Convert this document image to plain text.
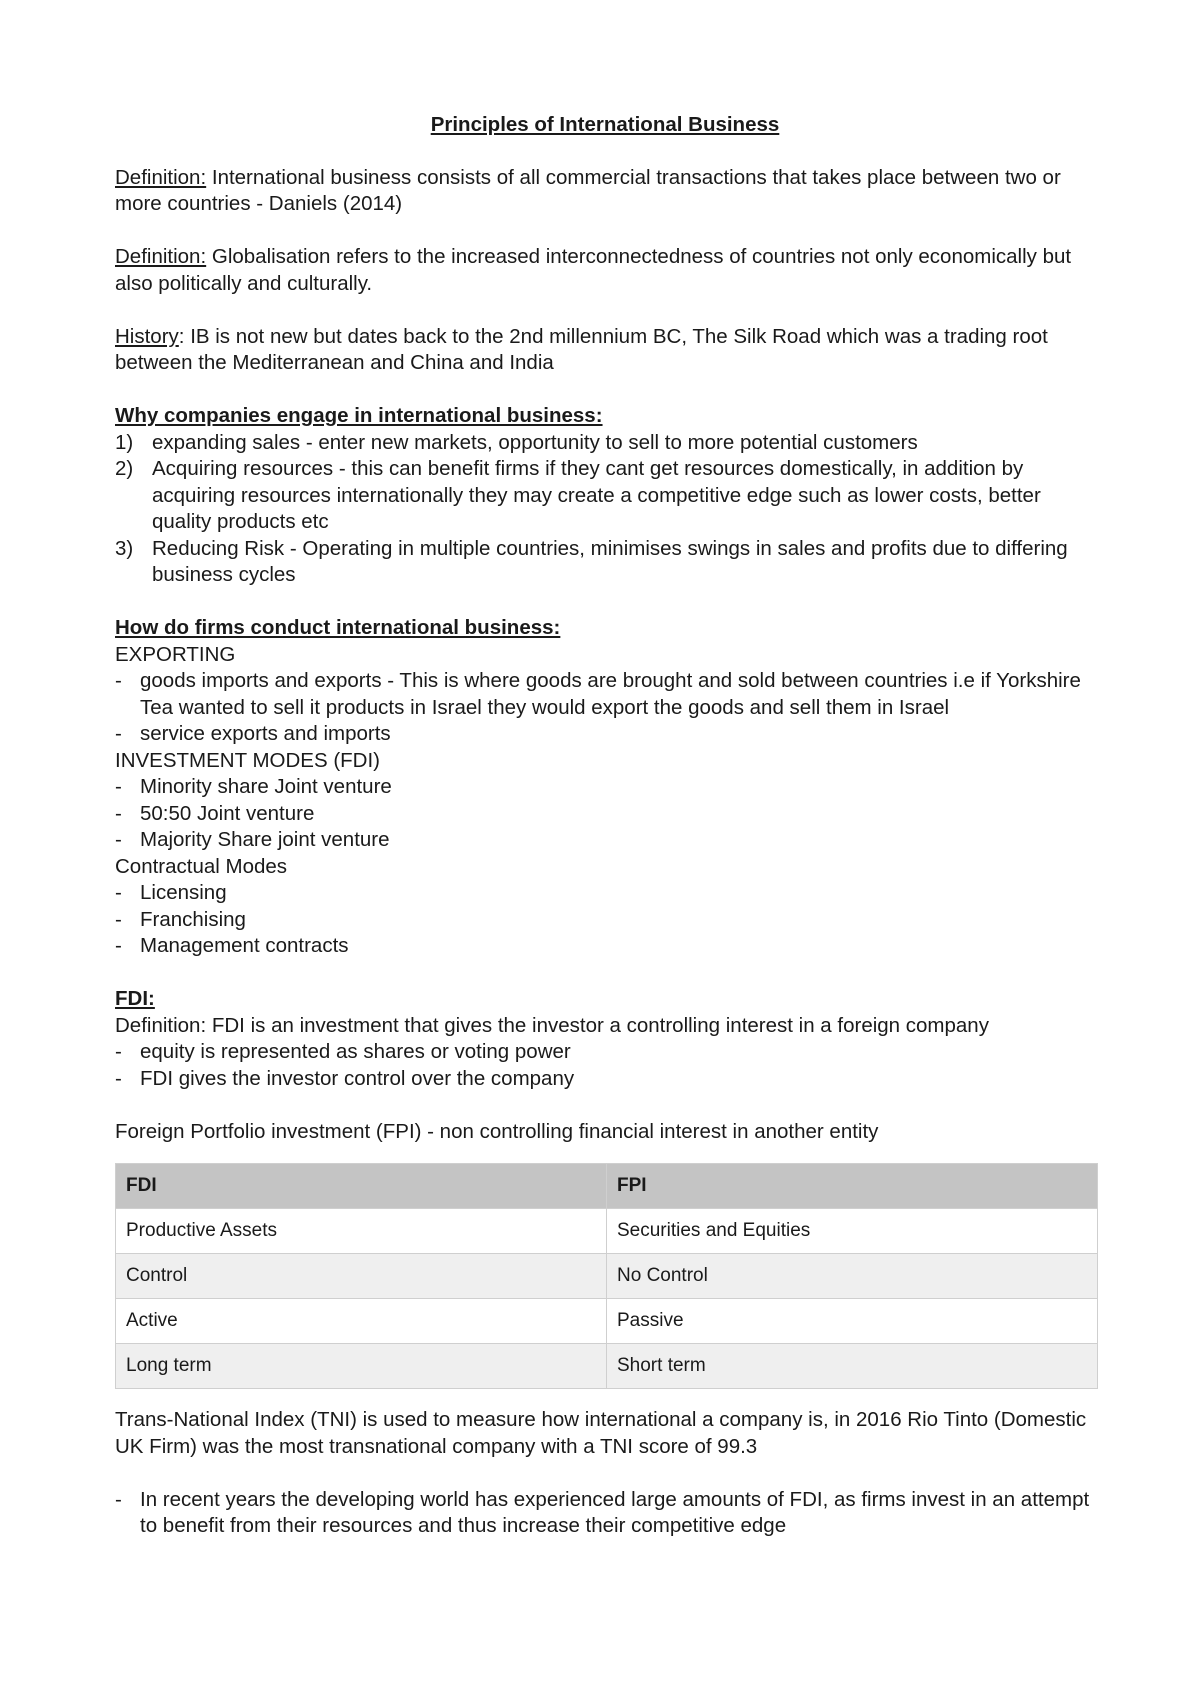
Principles of International Business

Definition: International business consists of all commercial transactions that takes place between two or more countries - Daniels (2014)

Definition: Globalisation refers to the increased interconnectedness of countries not only economically but also politically and culturally.

History: IB is not new but dates back to the 2nd millennium BC, The Silk Road which was a trading root between the Mediterranean and China and India

Why companies engage in international business:

1) expanding sales - enter new markets, opportunity to sell to more potential customers
2) Acquiring resources - this can benefit firms if they cant get resources domestically, in addition by acquiring resources internationally they may create a competitive edge such as lower costs, better quality products etc
3) Reducing Risk - Operating in multiple countries, minimises swings in sales and profits due to differing business cycles

How do firms conduct international business:

EXPORTING

- goods imports and exports - This is where goods are brought and sold between countries i.e if Yorkshire Tea wanted to sell it products in Israel they would export the goods and sell them in Israel
- service exports and imports

INVESTMENT MODES (FDI)

- Minority share Joint venture
- 50:50 Joint venture
- Majority Share joint venture

Contractual Modes

- Licensing
- Franchising
- Management contracts

FDI:

Definition: FDI is an investment that gives the investor a controlling interest in a foreign company

- equity is represented as shares or voting power
- FDI gives the investor control over the company

Foreign Portfolio investment (FPI) - non controlling financial interest in another entity

FDI	FPI
Productive Assets	Securities and Equities
Control	No Control
Active	Passive
Long term	Short term

Trans-National Index (TNI) is used to measure how international a company is, in 2016 Rio Tinto (Domestic UK Firm) was the most transnational company with a TNI score of 99.3

- In recent years the developing world has experienced large amounts of FDI, as firms invest in an attempt to benefit from their resources and thus increase their competitive edge
